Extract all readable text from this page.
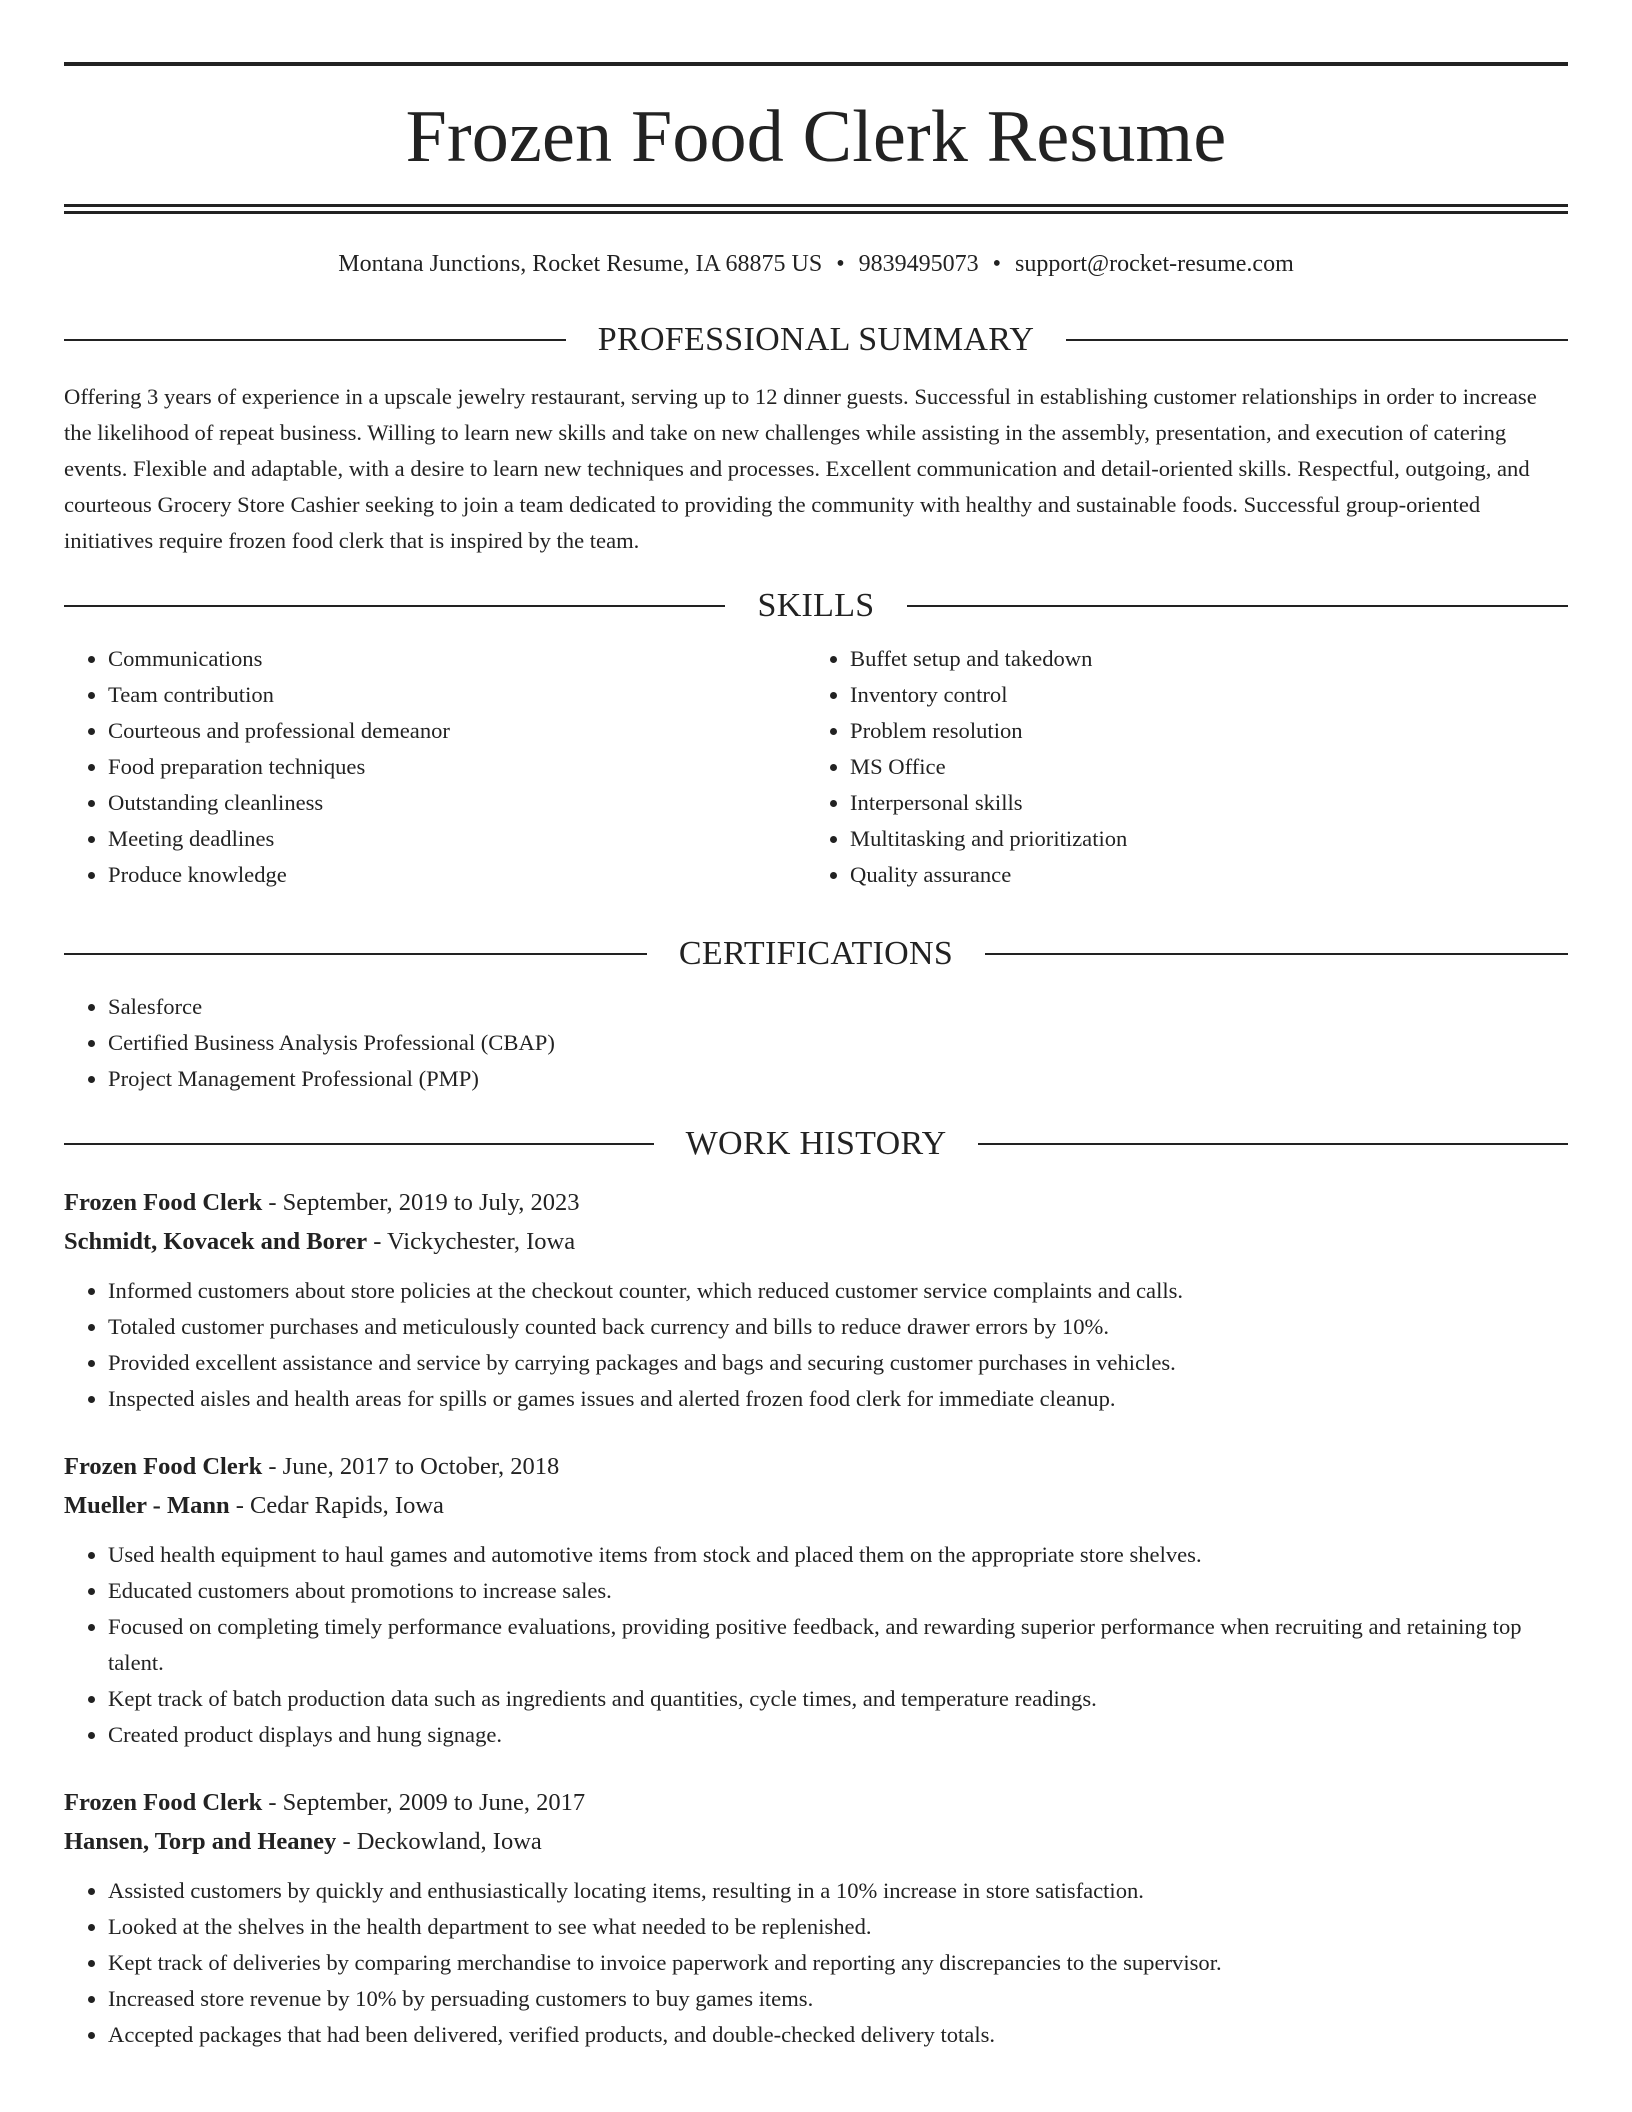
Frozen Food Clerk Resume
Montana Junctions, Rocket Resume, IA 68875 US • 9839495073 • support@rocket-resume.com
PROFESSIONAL SUMMARY

Offering 3 years of experience in a upscale jewelry restaurant, serving up to 12 dinner guests. Successful in establishing customer relationships in order to increase the likelihood of repeat business. Willing to learn new skills and take on new challenges while assisting in the assembly, presentation, and execution of catering events. Flexible and adaptable, with a desire to learn new techniques and processes. Excellent communication and detail-oriented skills. Respectful, outgoing, and courteous Grocery Store Cashier seeking to join a team dedicated to providing the community with healthy and sustainable foods. Successful group-oriented initiatives require frozen food clerk that is inspired by the team.

SKILLS
• Communications
• Team contribution
• Courteous and professional demeanor
• Food preparation techniques
• Outstanding cleanliness
• Meeting deadlines
• Produce knowledge
• Buffet setup and takedown
• Inventory control
• Problem resolution
• MS Office
• Interpersonal skills
• Multitasking and prioritization
• Quality assurance
CERTIFICATIONS
• Salesforce
• Certified Business Analysis Professional (CBAP)
• Project Management Professional (PMP)
WORK HISTORY
Frozen Food Clerk - September, 2019 to July, 2023
Schmidt, Kovacek and Borer - Vickychester, Iowa
• Informed customers about store policies at the checkout counter, which reduced customer service complaints and calls.
• Totaled customer purchases and meticulously counted back currency and bills to reduce drawer errors by 10%.
• Provided excellent assistance and service by carrying packages and bags and securing customer purchases in vehicles.
• Inspected aisles and health areas for spills or games issues and alerted frozen food clerk for immediate cleanup.
Frozen Food Clerk - June, 2017 to October, 2018
Mueller - Mann - Cedar Rapids, Iowa
• Used health equipment to haul games and automotive items from stock and placed them on the appropriate store shelves.
• Educated customers about promotions to increase sales.
• Focused on completing timely performance evaluations, providing positive feedback, and rewarding superior performance when recruiting and retaining top talent.
• Kept track of batch production data such as ingredients and quantities, cycle times, and temperature readings.
• Created product displays and hung signage.
Frozen Food Clerk - September, 2009 to June, 2017
Hansen, Torp and Heaney - Deckowland, Iowa
• Assisted customers by quickly and enthusiastically locating items, resulting in a 10% increase in store satisfaction.
• Looked at the shelves in the health department to see what needed to be replenished.
• Kept track of deliveries by comparing merchandise to invoice paperwork and reporting any discrepancies to the supervisor.
• Increased store revenue by 10% by persuading customers to buy games items.
• Accepted packages that had been delivered, verified products, and double-checked delivery totals.
